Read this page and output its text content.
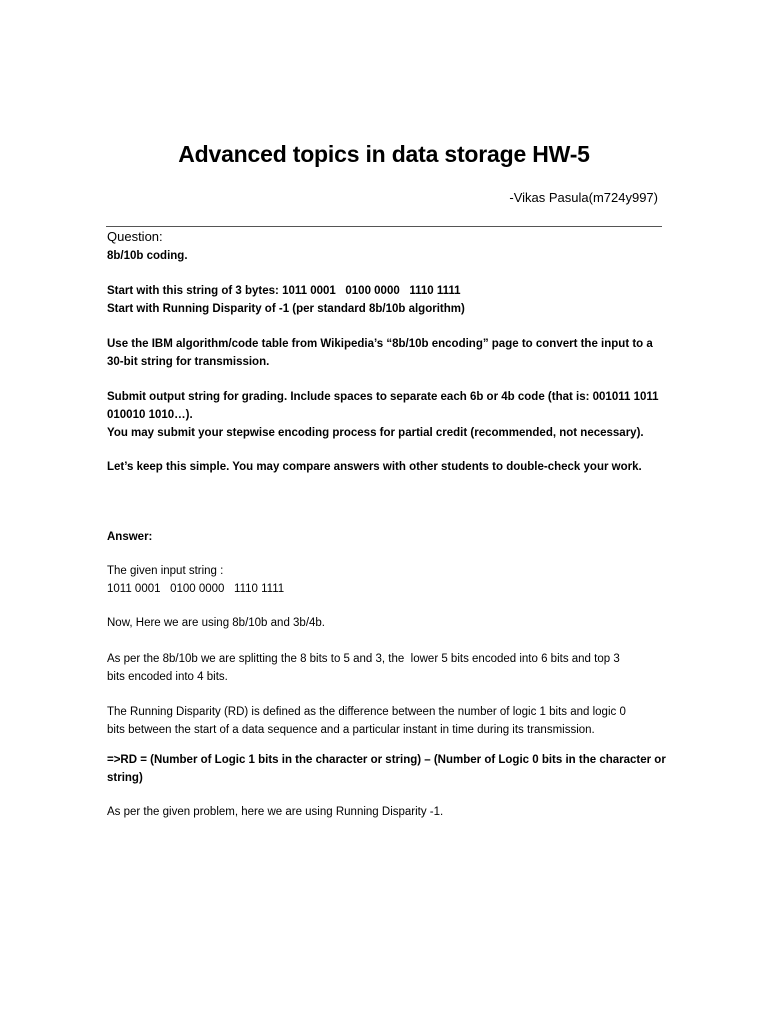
Advanced topics in data storage HW-5
-Vikas Pasula(m724y997)
Question:
8b/10b coding.
Start with this string of 3 bytes: 1011 0001   0100 0000   1110 1111
Start with Running Disparity of -1 (per standard 8b/10b algorithm)
Use the IBM algorithm/code table from Wikipedia’s “8b/10b encoding” page to convert the input to a
30-bit string for transmission.
Submit output string for grading. Include spaces to separate each 6b or 4b code (that is: 001011 1011
010010 1010…).
You may submit your stepwise encoding process for partial credit (recommended, not necessary).
Let’s keep this simple. You may compare answers with other students to double-check your work.
Answer:
The given input string :
1011 0001   0100 0000   1110 1111
Now, Here we are using 8b/10b and 3b/4b.
As per the 8b/10b we are splitting the 8 bits to 5 and 3, the  lower 5 bits encoded into 6 bits and top 3
bits encoded into 4 bits.
The Running Disparity (RD) is defined as the difference between the number of logic 1 bits and logic 0
bits between the start of a data sequence and a particular instant in time during its transmission.
=>RD = (Number of Logic 1 bits in the character or string) – (Number of Logic 0 bits in the character or
string)
As per the given problem, here we are using Running Disparity -1.
